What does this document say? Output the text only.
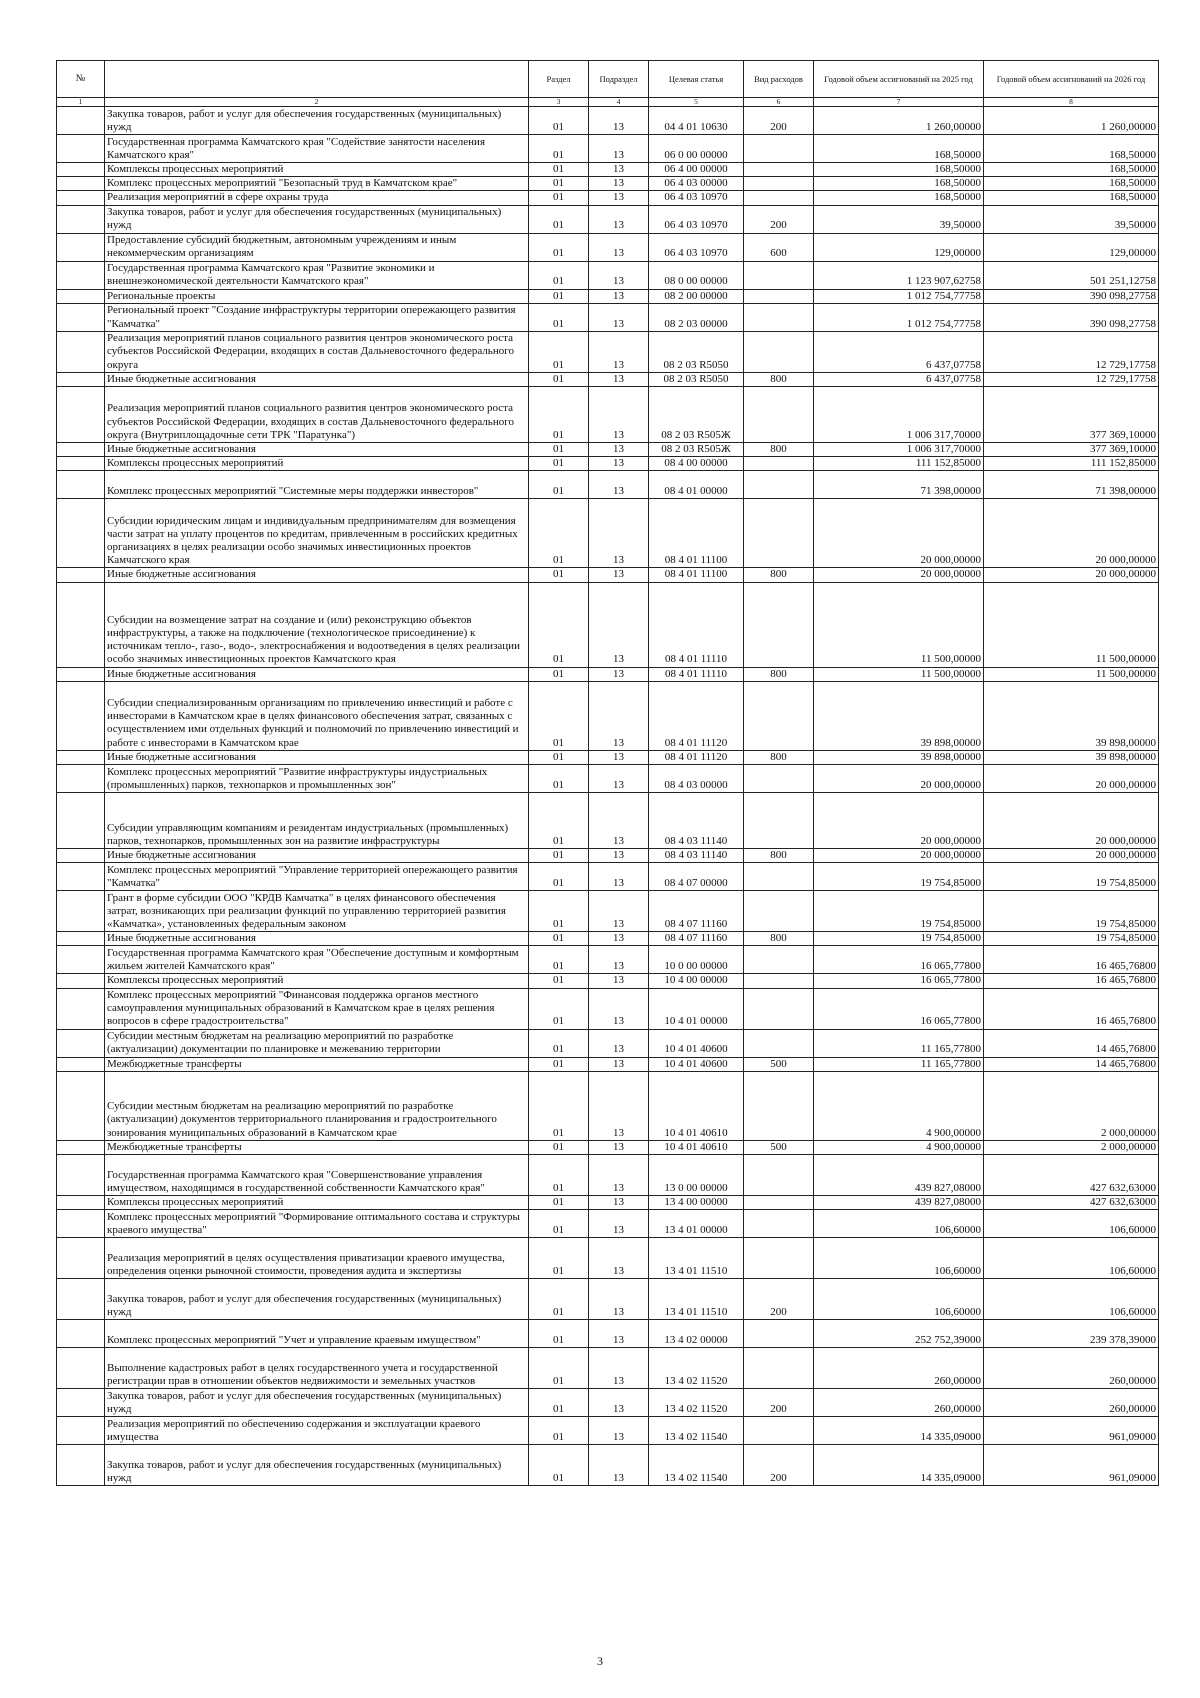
№		Раздел	Подраздел	Целевая статья	Вид расходов	Годовой объем ассигнований на 2025 год	Годовой объем ассигнований на 2026 год
1	2	3	4	5	6	7	8
	Закупка товаров, работ и услуг для обеспечения государственных (муниципальных) нужд	01	13	04 4 01 10630	200	1 260,00000	1 260,00000
	Государственная программа Камчатского края "Содействие занятости населения Камчатского края"	01	13	06 0 00 00000		168,50000	168,50000
	Комплексы процессных мероприятий	01	13	06 4 00 00000		168,50000	168,50000
	Комплекс процессных мероприятий "Безопасный труд в Камчатском крае"	01	13	06 4 03 00000		168,50000	168,50000
	Реализация мероприятий в сфере охраны труда	01	13	06 4 03 10970		168,50000	168,50000
	Закупка товаров, работ и услуг для обеспечения государственных (муниципальных) нужд	01	13	06 4 03 10970	200	39,50000	39,50000
	Предоставление субсидий бюджетным, автономным учреждениям и иным некоммерческим организациям	01	13	06 4 03 10970	600	129,00000	129,00000
	Государственная программа Камчатского края "Развитие экономики и внешнеэкономической деятельности Камчатского края"	01	13	08 0 00 00000		1 123 907,62758	501 251,12758
	Региональные проекты	01	13	08 2 00 00000		1 012 754,77758	390 098,27758
	Региональный проект "Создание инфраструктуры территории опережающего развития "Камчатка"	01	13	08 2 03 00000		1 012 754,77758	390 098,27758
	Реализация мероприятий планов социального развития центров экономического роста субъектов Российской Федерации, входящих в состав Дальневосточного федерального округа	01	13	08 2 03 R5050		6 437,07758	12 729,17758
	Иные бюджетные ассигнования	01	13	08 2 03 R5050	800	6 437,07758	12 729,17758
	Реализация мероприятий планов социального развития центров экономического роста субъектов Российской Федерации, входящих в состав Дальневосточного федерального округа (Внутриплощадочные сети ТРК "Паратунка")	01	13	08 2 03 R505Ж		1 006 317,70000	377 369,10000
	Иные бюджетные ассигнования	01	13	08 2 03 R505Ж	800	1 006 317,70000	377 369,10000
	Комплексы процессных мероприятий	01	13	08 4 00 00000		111 152,85000	111 152,85000
	Комплекс процессных мероприятий "Системные меры поддержки инвесторов"	01	13	08 4 01 00000		71 398,00000	71 398,00000
	Субсидии юридическим лицам и индивидуальным предпринимателям для возмещения части затрат на уплату процентов по кредитам, привлеченным в российских кредитных организациях в целях реализации особо значимых инвестиционных проектов Камчатского края	01	13	08 4 01 11100		20 000,00000	20 000,00000
	Иные бюджетные ассигнования	01	13	08 4 01 11100	800	20 000,00000	20 000,00000
	Субсидии на возмещение затрат на создание и (или) реконструкцию объектов инфраструктуры, а также на подключение (технологическое присоединение) к источникам тепло-, газо-, водо-, электроснабжения и водоотведения в целях реализации особо значимых инвестиционных проектов Камчатского края	01	13	08 4 01 11110		11 500,00000	11 500,00000
	Иные бюджетные ассигнования	01	13	08 4 01 11110	800	11 500,00000	11 500,00000
	Субсидии специализированным организациям по привлечению инвестиций и работе с инвесторами в Камчатском крае в целях финансового обеспечения затрат, связанных с осуществлением ими отдельных функций и полномочий по привлечению инвестиций и работе с инвесторами в Камчатском крае	01	13	08 4 01 11120		39 898,00000	39 898,00000
	Иные бюджетные ассигнования	01	13	08 4 01 11120	800	39 898,00000	39 898,00000
	Комплекс процессных мероприятий "Развитие инфраструктуры индустриальных (промышленных) парков, технопарков и промышленных зон"	01	13	08 4 03 00000		20 000,00000	20 000,00000
	Субсидии управляющим компаниям и резидентам индустриальных (промышленных) парков, технопарков, промышленных зон на развитие инфраструктуры	01	13	08 4 03 11140		20 000,00000	20 000,00000
	Иные бюджетные ассигнования	01	13	08 4 03 11140	800	20 000,00000	20 000,00000
	Комплекс процессных мероприятий "Управление территорией опережающего развития "Камчатка"	01	13	08 4 07 00000		19 754,85000	19 754,85000
	Грант в форме субсидии ООО "КРДВ Камчатка" в целях финансового обеспечения затрат, возникающих при реализации функций по управлению территорией развития «Камчатка», установленных федеральным законом	01	13	08 4 07 11160		19 754,85000	19 754,85000
	Иные бюджетные ассигнования	01	13	08 4 07 11160	800	19 754,85000	19 754,85000
	Государственная программа Камчатского края "Обеспечение доступным и комфортным жильем жителей Камчатского края"	01	13	10 0 00 00000		16 065,77800	16 465,76800
	Комплексы процессных мероприятий	01	13	10 4 00 00000		16 065,77800	16 465,76800
	Комплекс процессных мероприятий "Финансовая поддержка органов местного самоуправления муниципальных образований в Камчатском крае в целях решения вопросов в сфере градостроительства"	01	13	10 4 01 00000		16 065,77800	16 465,76800
	Субсидии местным бюджетам на реализацию мероприятий по разработке (актуализации) документации по планировке и межеванию территории	01	13	10 4 01 40600		11 165,77800	14 465,76800
	Межбюджетные трансферты	01	13	10 4 01 40600	500	11 165,77800	14 465,76800
	Субсидии местным бюджетам на реализацию мероприятий по разработке (актуализации) документов территориального планирования и градостроительного зонирования муниципальных образований в Камчатском крае	01	13	10 4 01 40610		4 900,00000	2 000,00000
	Межбюджетные трансферты	01	13	10 4 01 40610	500	4 900,00000	2 000,00000
	Государственная программа Камчатского края "Совершенствование управления имуществом, находящимся в государственной собственности Камчатского края"	01	13	13 0 00 00000		439 827,08000	427 632,63000
	Комплексы процессных мероприятий	01	13	13 4 00 00000		439 827,08000	427 632,63000
	Комплекс процессных мероприятий "Формирование оптимального состава и структуры краевого имущества"	01	13	13 4 01 00000		106,60000	106,60000
	Реализация мероприятий в целях осуществления приватизации краевого имущества, определения оценки рыночной стоимости, проведения аудита и экспертизы	01	13	13 4 01 11510		106,60000	106,60000
	Закупка товаров, работ и услуг для обеспечения государственных (муниципальных) нужд	01	13	13 4 01 11510	200	106,60000	106,60000
	Комплекс процессных мероприятий "Учет и управление краевым имуществом"	01	13	13 4 02 00000		252 752,39000	239 378,39000
	Выполнение кадастровых работ в целях государственного учета и государственной регистрации прав в отношении объектов недвижимости и земельных участков	01	13	13 4 02 11520		260,00000	260,00000
	Закупка товаров, работ и услуг для обеспечения государственных (муниципальных) нужд	01	13	13 4 02 11520	200	260,00000	260,00000
	Реализация мероприятий по обеспечению содержания и эксплуатации краевого имущества	01	13	13 4 02 11540		14 335,09000	961,09000
	Закупка товаров, работ и услуг для обеспечения государственных (муниципальных) нужд	01	13	13 4 02 11540	200	14 335,09000	961,09000
3
